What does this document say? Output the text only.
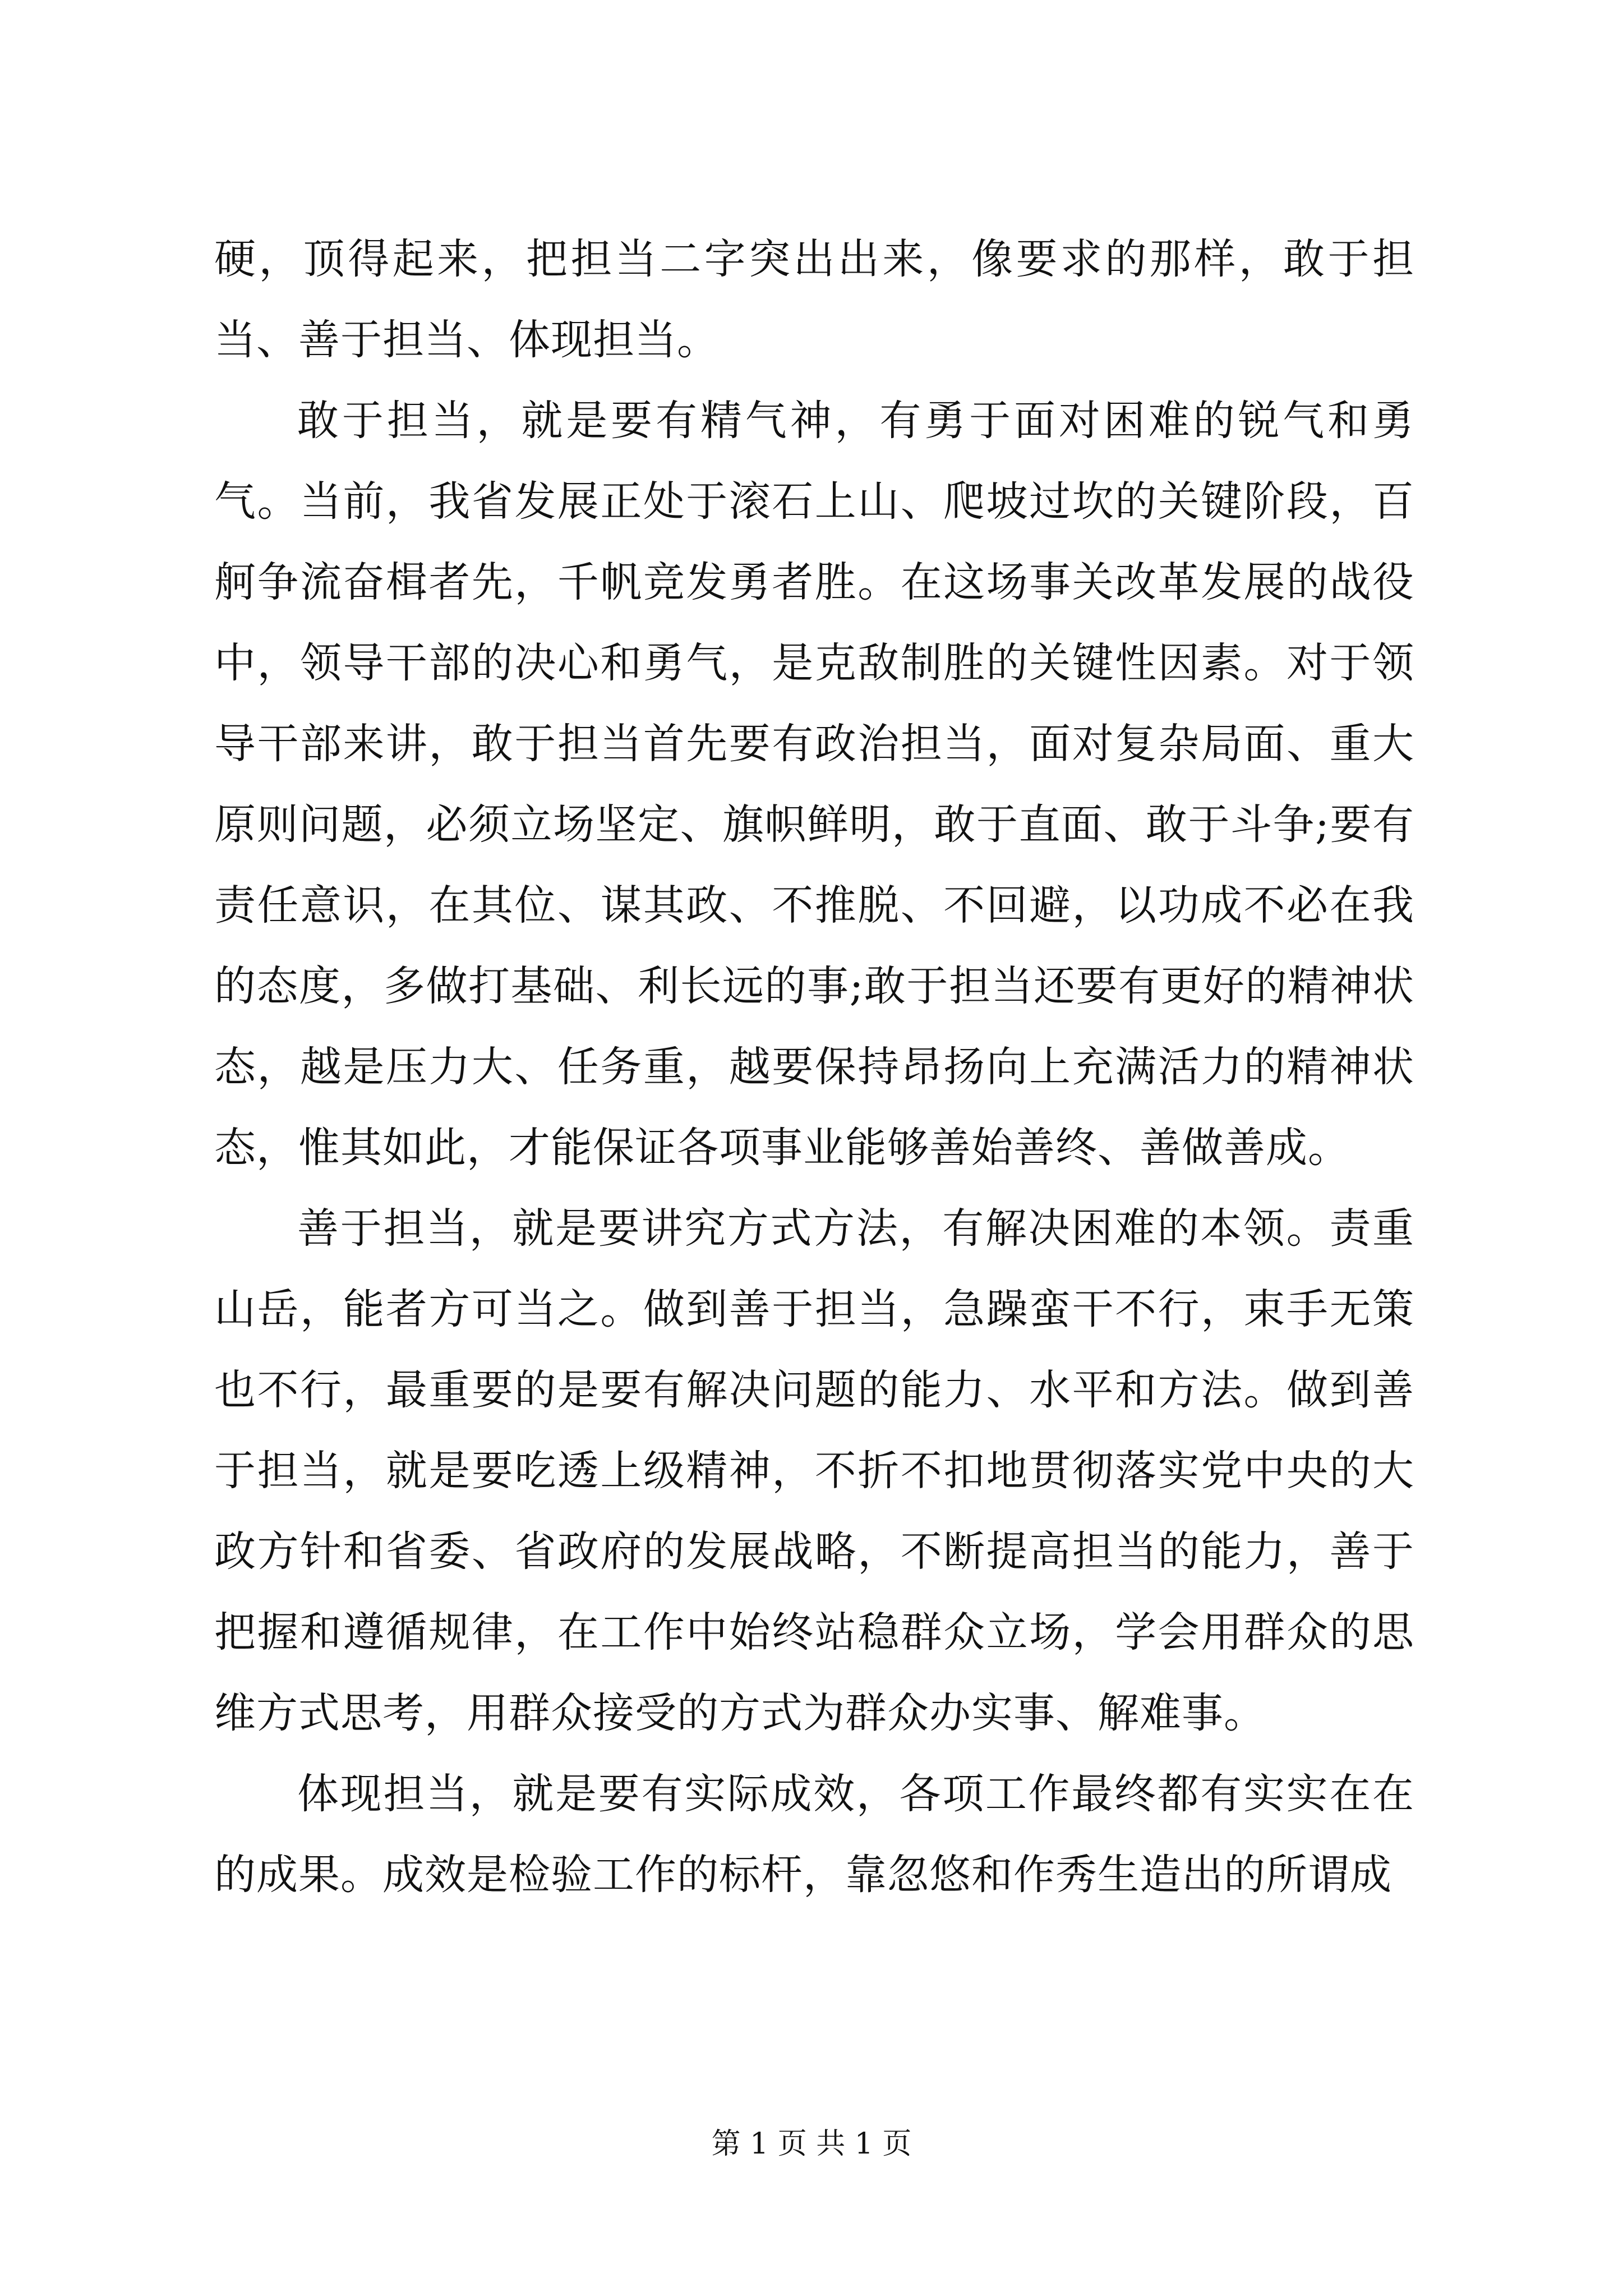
硬，顶得起来，把担当二字突出出来，像要求的那样，敢于担当、善于担当、体现担当。

敢于担当，就是要有精气神，有勇于面对困难的锐气和勇气。当前，我省发展正处于滚石上山、爬坡过坎的关键阶段，百舸争流奋楫者先，千帆竞发勇者胜。在这场事关改革发展的战役中，领导干部的决心和勇气，是克敌制胜的关键性因素。对于领导干部来讲，敢于担当首先要有政治担当，面对复杂局面、重大原则问题，必须立场坚定、旗帜鲜明，敢于直面、敢于斗争;要有责任意识，在其位、谋其政、不推脱、不回避，以功成不必在我的态度，多做打基础、利长远的事;敢于担当还要有更好的精神状态，越是压力大、任务重，越要保持昂扬向上充满活力的精神状态，惟其如此，才能保证各项事业能够善始善终、善做善成。

善于担当，就是要讲究方式方法，有解决困难的本领。责重山岳，能者方可当之。做到善于担当，急躁蛮干不行，束手无策也不行，最重要的是要有解决问题的能力、水平和方法。做到善于担当，就是要吃透上级精神，不折不扣地贯彻落实党中央的大政方针和省委、省政府的发展战略，不断提高担当的能力，善于把握和遵循规律，在工作中始终站稳群众立场，学会用群众的思维方式思考，用群众接受的方式为群众办实事、解难事。

体现担当，就是要有实际成效，各项工作最终都有实实在在的成果。成效是检验工作的标杆，靠忽悠和作秀生造出的所谓成

第 1 页 共 1 页
